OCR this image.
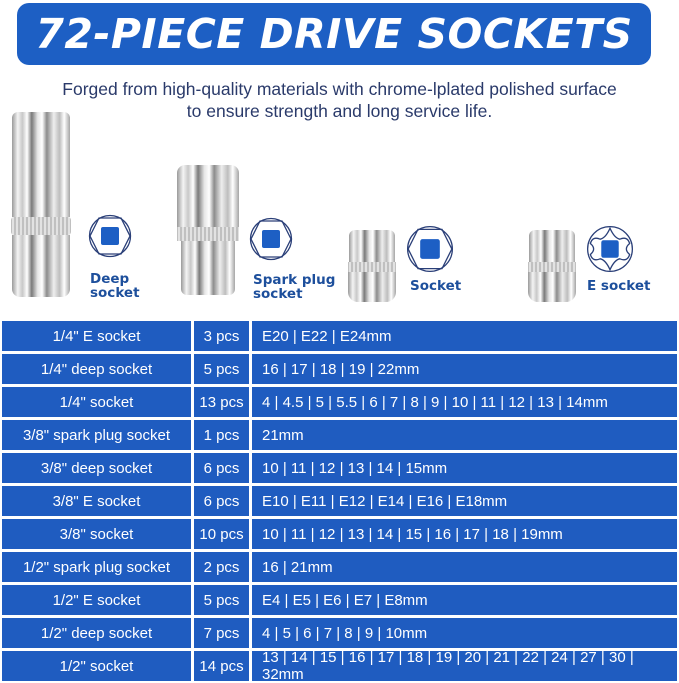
72-PIECE DRIVE SOCKETS
Forged from high-quality materials with chrome-lplated polished surface
to ensure strength and long service life.
Deep
socket
Spark plug
socket	Socket	E socket
1/4" E socket	3 pcs	E20 | E22 | E24mm
1/4" deep socket	5 pcs	16 | 17 | 18 | 19 | 22mm
1/4" socket	13 pcs	4 | 4.5 | 5 | 5.5 | 6 | 7 | 8 | 9 | 10 | 11 | 12 | 13 | 14mm
3/8" spark plug socket	1 pcs	21mm
3/8" deep socket	6 pcs	10 | 11 | 12 | 13 | 14 | 15mm
3/8" E socket	6 pcs	E10 | E11 | E12 | E14 | E16 | E18mm
3/8" socket	10 pcs	10 | 11 | 12 | 13 | 14 | 15 | 16 | 17 | 18 | 19mm
1/2" spark plug socket	2 pcs	16 | 21mm
1/2" E socket	5 pcs	E4 | E5 | E6 | E7 | E8mm
1/2" deep socket	7 pcs	4 | 5 | 6 | 7 | 8 | 9 | 10mm
1/2" socket	14 pcs	13 | 14 | 15 | 16 | 17 | 18 | 19 | 20 | 21 | 22 | 24 | 27 | 30 | 32mm
